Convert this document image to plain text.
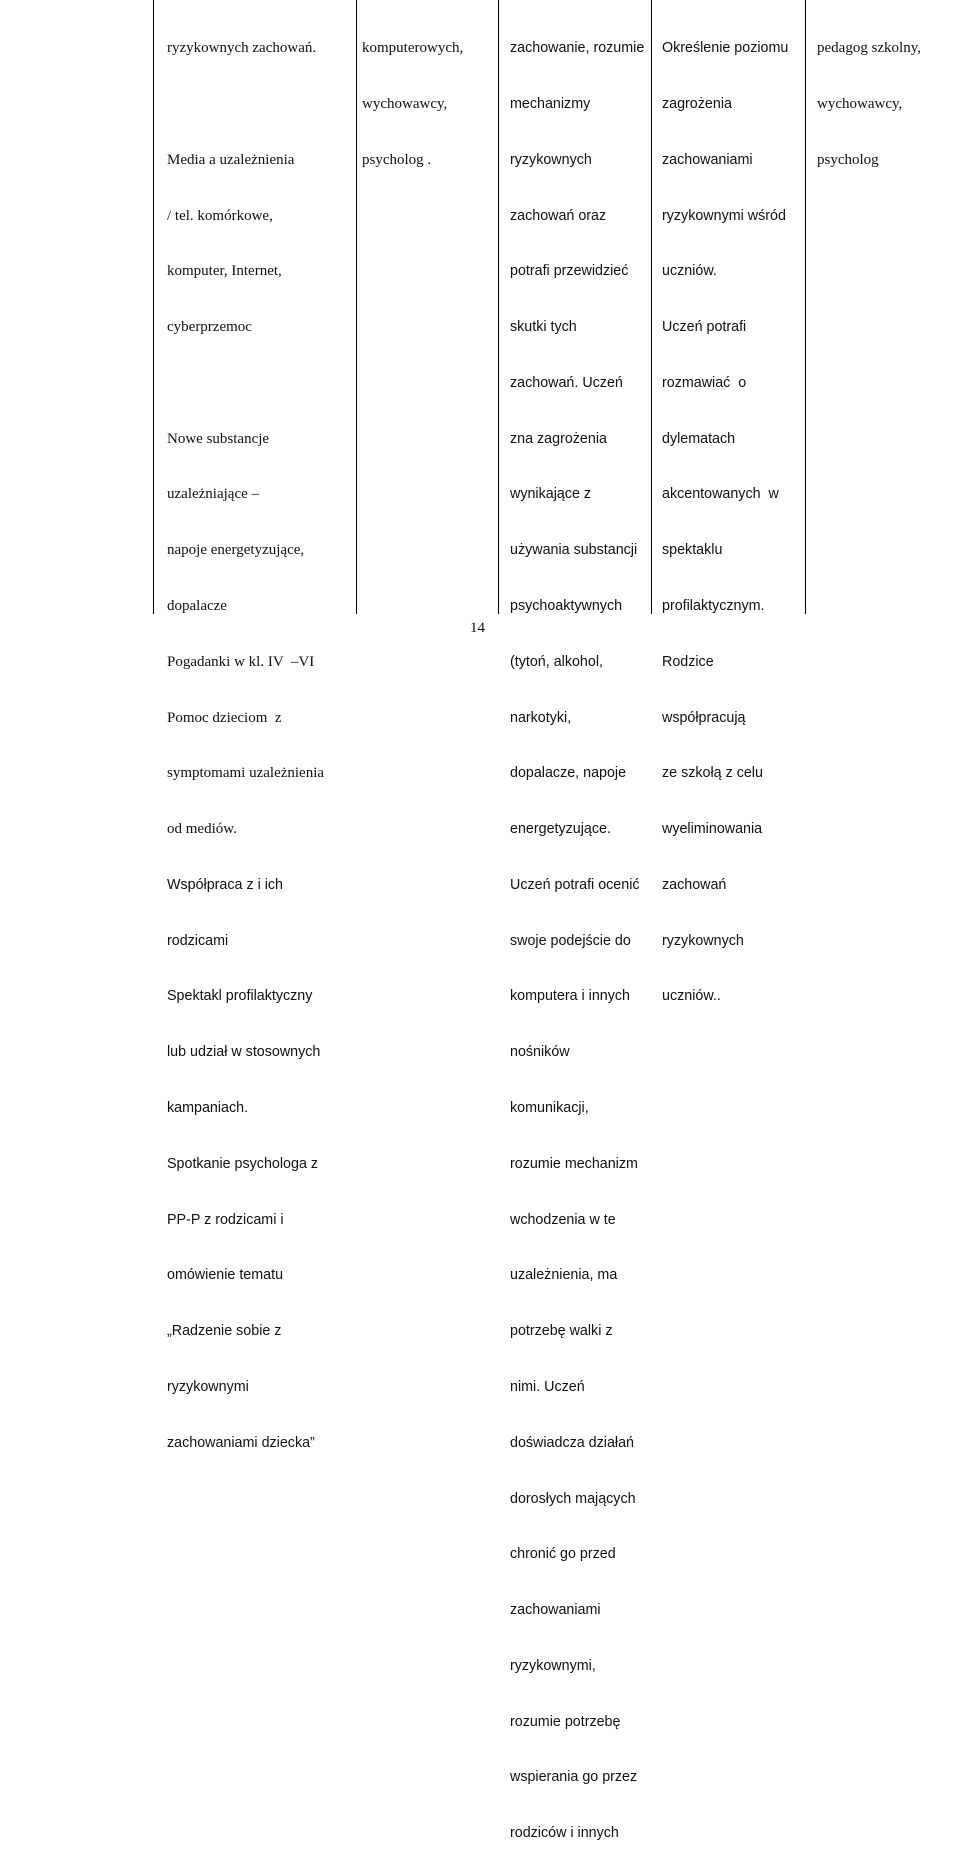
ryzykownych zachowań.

Media a uzależnienia

/ tel. komórkowe,

komputer, Internet,

cyberprzemoc

Nowe substancje

uzależniające –

napoje energetyzujące,

dopalacze

Pogadanki w kl. IV  –VI

Pomoc dzieciom  z

symptomami uzależnienia

od mediów.

Współpraca z i ich

rodzicami

Spektakl profilaktyczny

lub udział w stosownych

kampaniach.

Spotkanie psychologa z

PP-P z rodzicami i

omówienie tematu

„Radzenie sobie z

ryzykownymi

zachowaniami dziecka”

komputerowych,

wychowawcy,

psycholog .

zachowanie, rozumie

mechanizmy

ryzykownych

zachowań oraz

potrafi przewidzieć

skutki tych

zachowań. Uczeń

zna zagrożenia

wynikające z

używania substancji

psychoaktywnych

(tytoń, alkohol,

narkotyki,

dopalacze, napoje

energetyzujące.

Uczeń potrafi ocenić

swoje podejście do

komputera i innych

nośników

komunikacji,

rozumie mechanizm

wchodzenia w te

uzależnienia, ma

potrzebę walki z

nimi. Uczeń

doświadcza działań

dorosłych mających

chronić go przed

zachowaniami

ryzykownymi,

rozumie potrzebę

wspierania go przez

rodziców i innych

Określenie poziomu

zagrożenia

zachowaniami

ryzykownymi wśród

uczniów.

Uczeń potrafi

rozmawiać  o

dylematach

akcentowanych  w

spektaklu

profilaktycznym.

Rodzice

współpracują

ze szkołą z celu

wyeliminowania

zachowań

ryzykownych

uczniów..

pedagog szkolny,

wychowawcy,

psycholog

14
